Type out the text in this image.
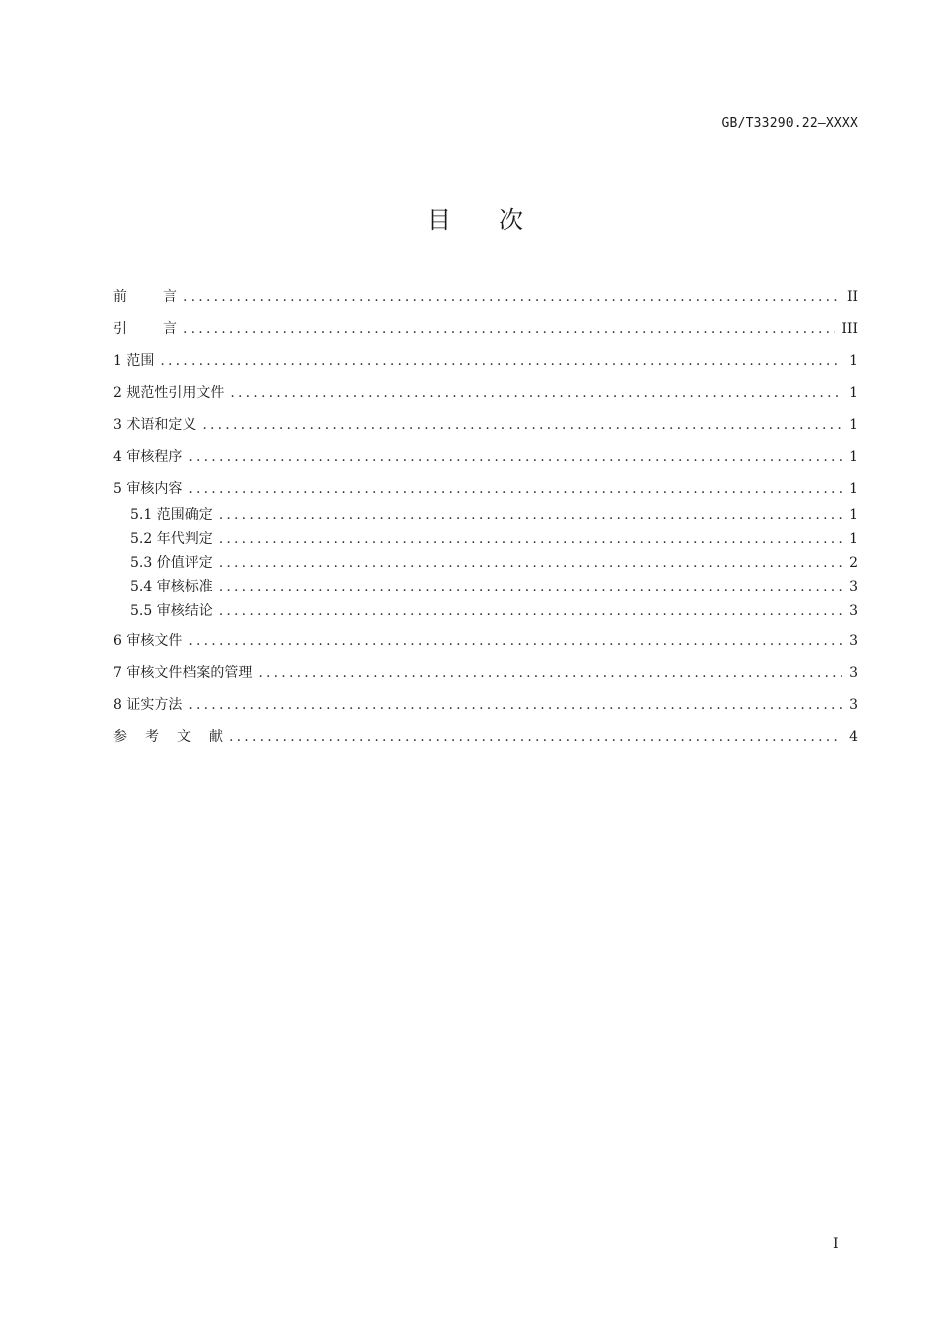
GB/T33290.22—XXXX
目次
前言 .....	II
引言 .....	III
1 范围 .....	1
2 规范性引用文件 .....	1
3 术语和定义 .....	1
4 审核程序 .....	1
5 审核内容 .....	1
5.1 范围确定 .....	1
5.2 年代判定 .....	1
5.3 价值评定 .....	2
5.4 审核标准 .....	3
5.5 审核结论 .....	3
6 审核文件 .....	3
7 审核文件档案的管理 .....	3
8 证实方法 .....	3
参考文献 .....	4
I
